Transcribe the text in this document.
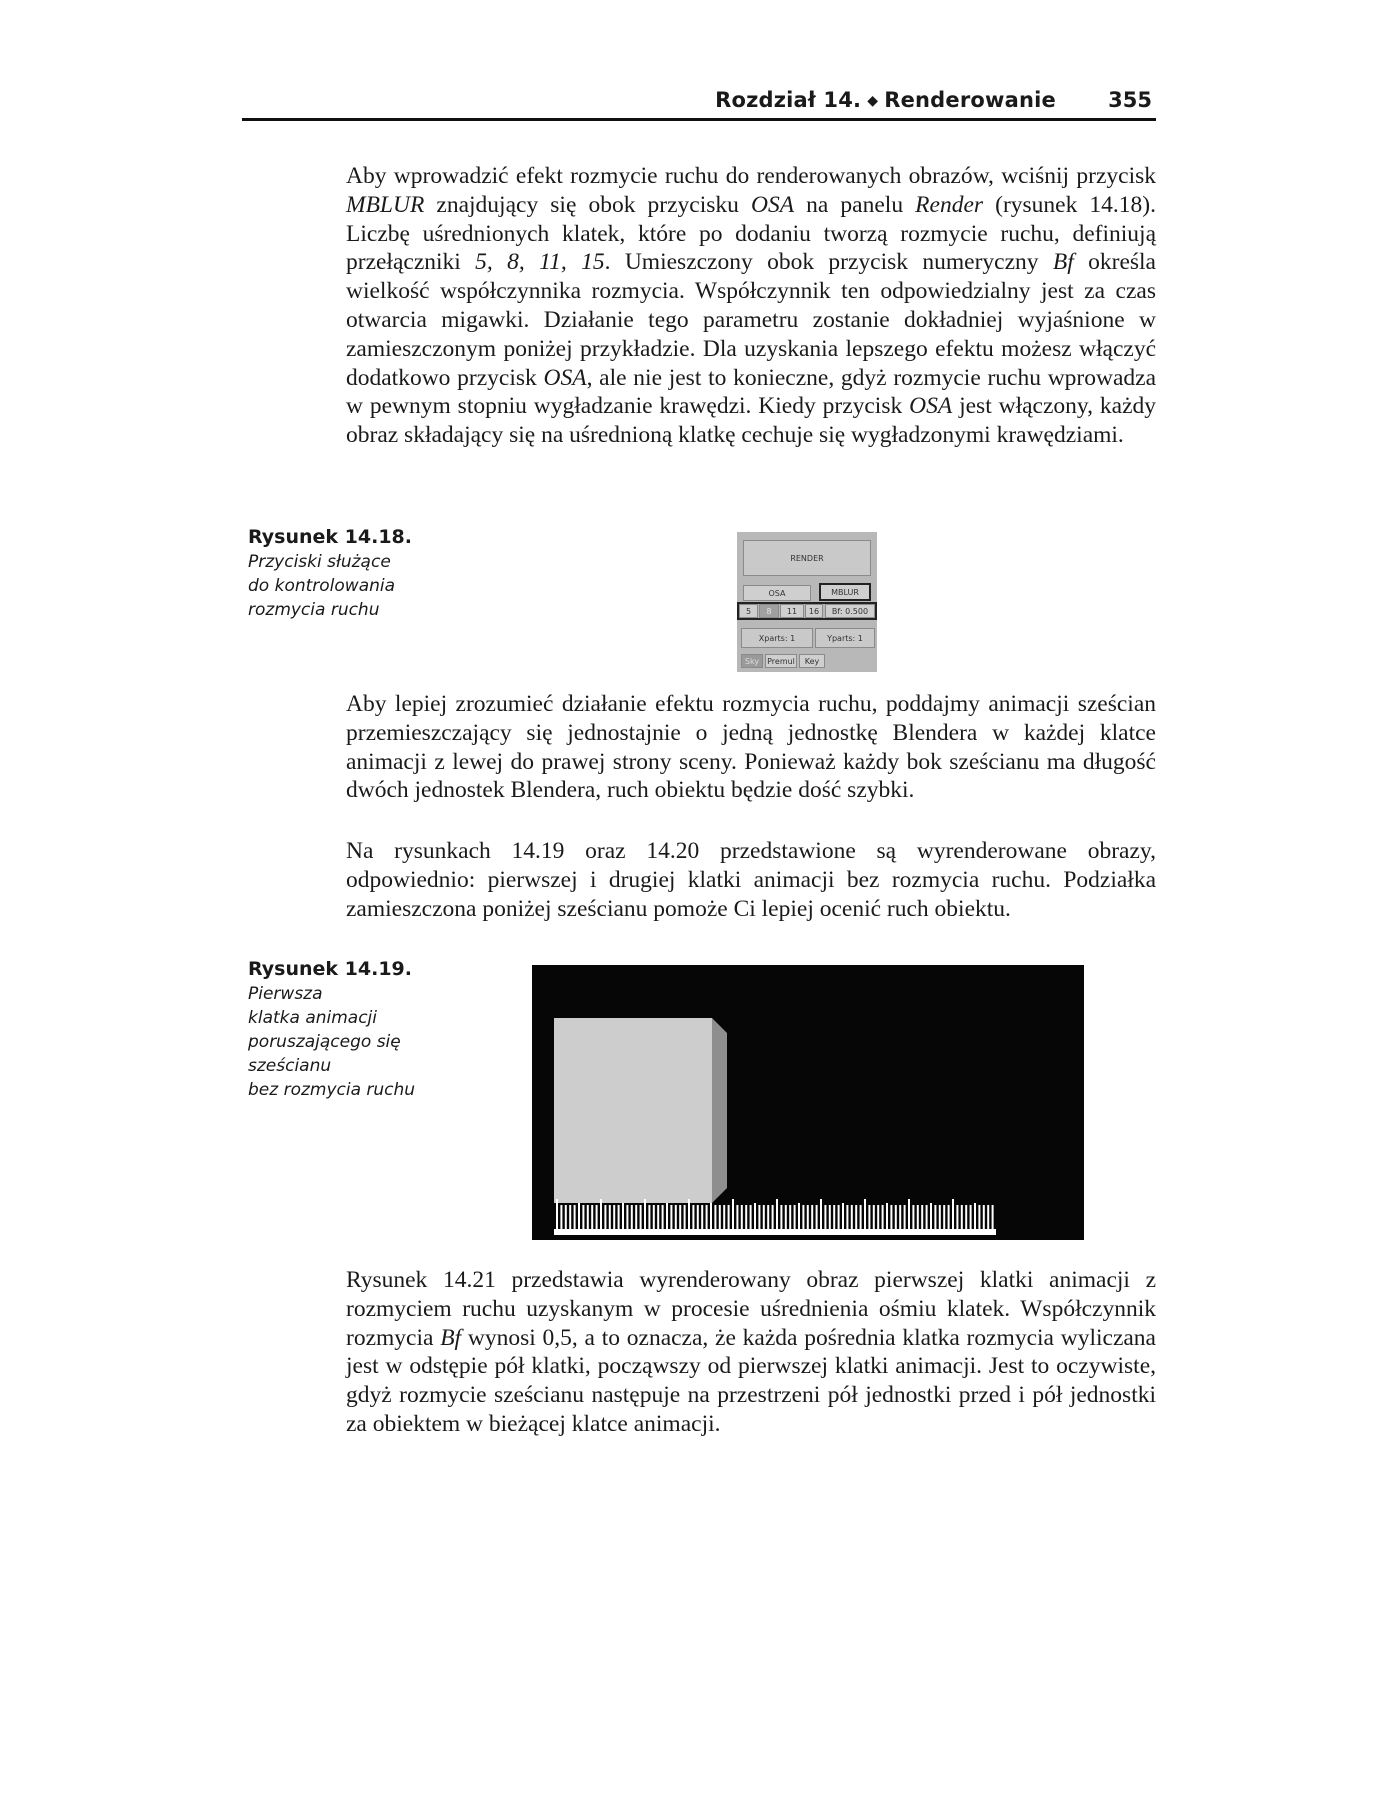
Rozdział 14. ◆ Renderowanie 355

Aby wprowadzić efekt rozmycie ruchu do renderowanych obrazów, wciśnij przycisk MBLUR znajdujący się obok przycisku OSA na panelu Render (rysunek 14.18). Liczbę uśrednionych klatek, które po dodaniu tworzą rozmycie ruchu, definiują przełączniki 5, 8, 11, 15. Umieszczony obok przycisk numeryczny Bf określa wielkość współczynnika rozmycia. Współczynnik ten odpowiedzialny jest za czas otwarcia migawki. Działanie tego parametru zostanie dokładniej wyjaśnione w zamieszczonym poniżej przykładzie. Dla uzyskania lepszego efektu możesz włączyć dodatkowo przycisk OSA, ale nie jest to konieczne, gdyż rozmycie ruchu wprowadza w pewnym stopniu wygładzanie krawędzi. Kiedy przycisk OSA jest włączony, każdy obraz składający się na uśrednioną klatkę cechuje się wygładzonymi krawędziami.

Rysunek 14.18.

Przyciski służące

do kontrolowania

rozmycia ruchu

RENDER
OSA	MBLUR
5	8	11	16	Bf: 0.500
Xparts: 1	Yparts: 1
Sky	Premul	Key

Aby lepiej zrozumieć działanie efektu rozmycia ruchu, poddajmy animacji sześcian przemieszczający się jednostajnie o jedną jednostkę Blendera w każdej klatce animacji z lewej do prawej strony sceny. Ponieważ każdy bok sześcianu ma długość dwóch jednostek Blendera, ruch obiektu będzie dość szybki.

Na rysunkach 14.19 oraz 14.20 przedstawione są wyrenderowane obrazy, odpowiednio: pierwszej i drugiej klatki animacji bez rozmycia ruchu. Podziałka zamieszczona poniżej sześcianu pomoże Ci lepiej ocenić ruch obiektu.

Rysunek 14.19.

Pierwsza

klatka animacji

poruszającego się

sześcianu

bez rozmycia ruchu

Rysunek 14.21 przedstawia wyrenderowany obraz pierwszej klatki animacji z rozmyciem ruchu uzyskanym w procesie uśrednienia ośmiu klatek. Współczynnik rozmycia Bf wynosi 0,5, a to oznacza, że każda pośrednia klatka rozmycia wyliczana jest w odstępie pół klatki, począwszy od pierwszej klatki animacji. Jest to oczywiste, gdyż rozmycie sześcianu następuje na przestrzeni pół jednostki przed i pół jednostki za obiektem w bieżącej klatce animacji.
